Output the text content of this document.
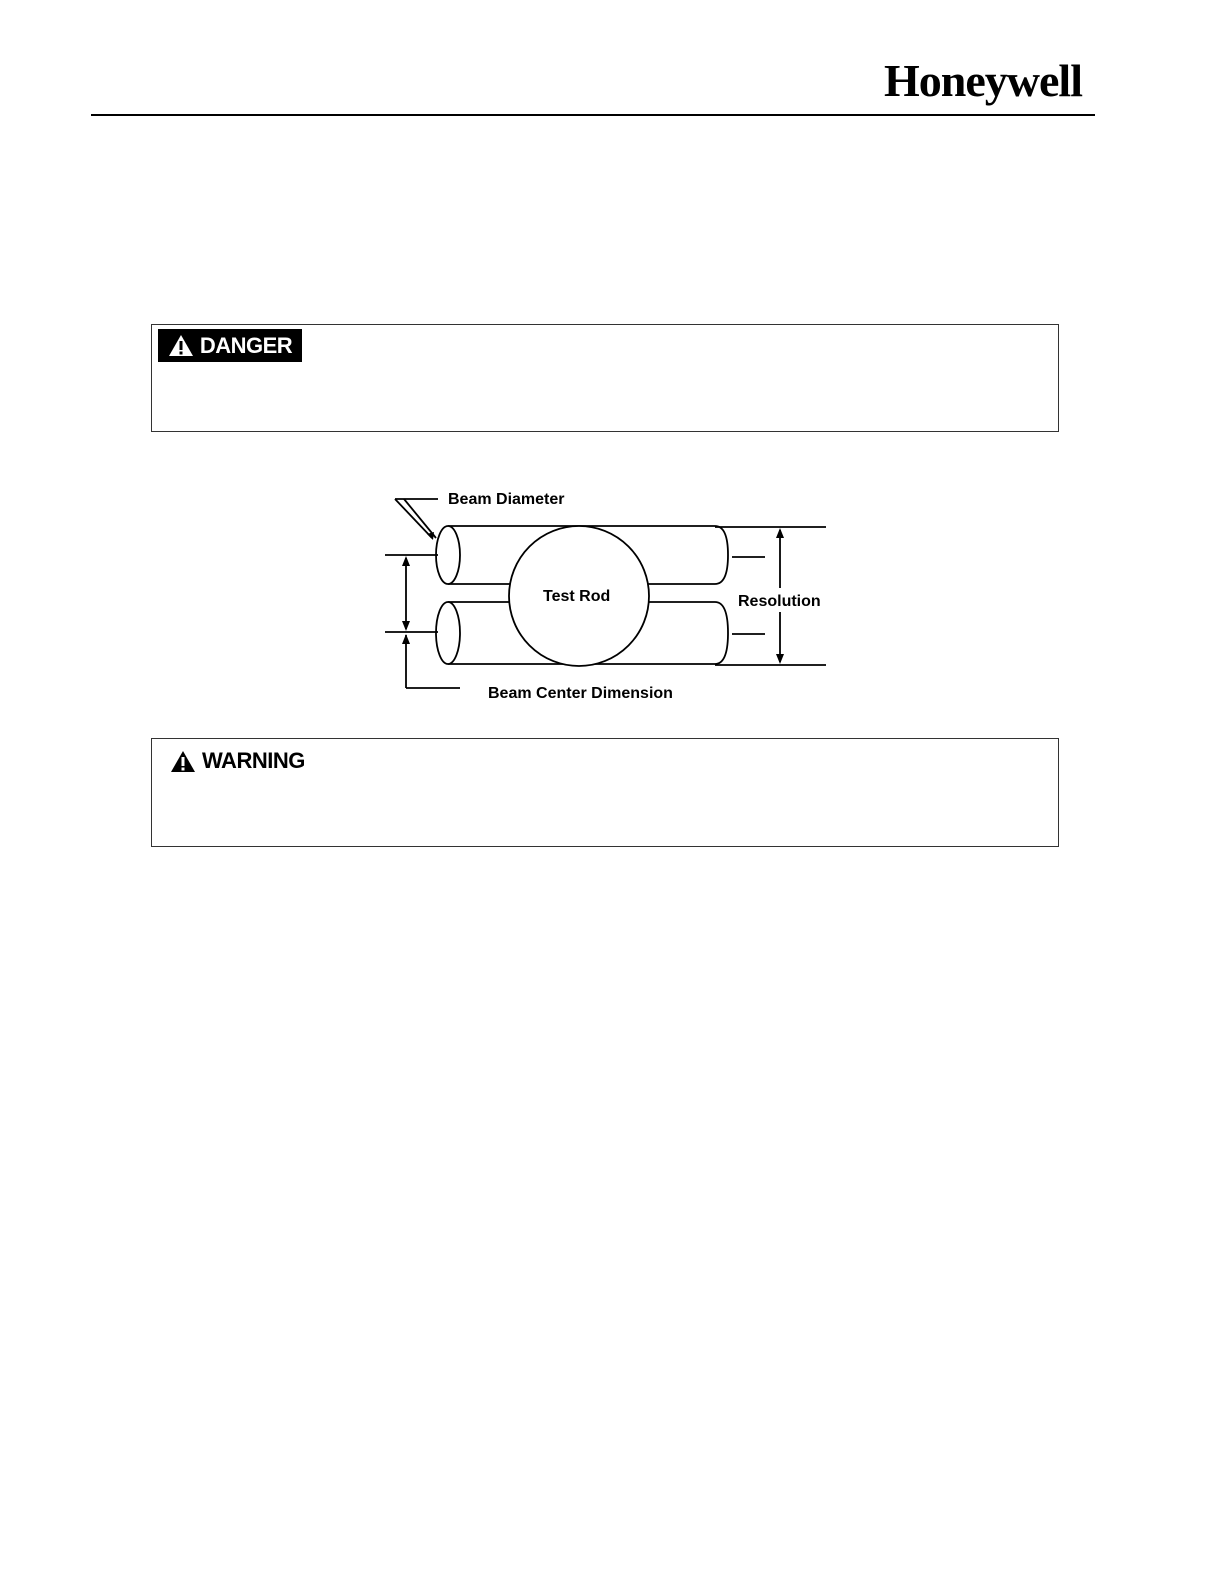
Honeywell
DANGER
Beam Diameter
Test Rod	Resolution
Beam Center Dimension
WARNING
